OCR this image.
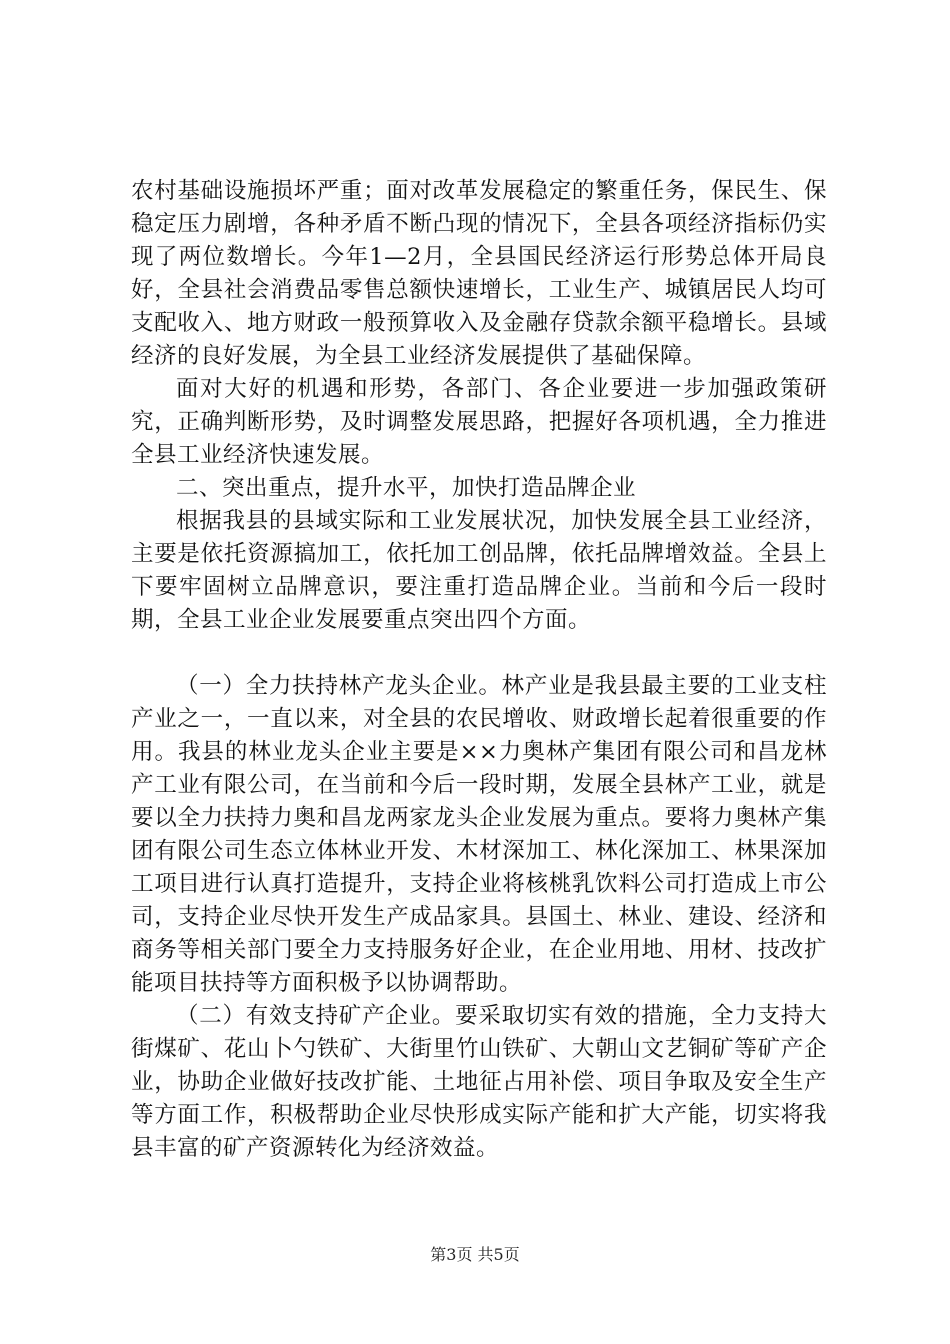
农村基础设施损坏严重；面对改革发展稳定的繁重任务，保民生、保稳定压力剧增，各种矛盾不断凸现的情况下，全县各项经济指标仍实现了两位数增长。今年1—2月，全县国民经济运行形势总体开局良好，全县社会消费品零售总额快速增长，工业生产、城镇居民人均可支配收入、地方财政一般预算收入及金融存贷款余额平稳增长。县域经济的良好发展，为全县工业经济发展提供了基础保障。

面对大好的机遇和形势，各部门、各企业要进一步加强政策研究，正确判断形势，及时调整发展思路，把握好各项机遇，全力推进全县工业经济快速发展。

二、突出重点，提升水平，加快打造品牌企业

根据我县的县域实际和工业发展状况，加快发展全县工业经济，主要是依托资源搞加工，依托加工创品牌，依托品牌增效益。全县上下要牢固树立品牌意识，要注重打造品牌企业。当前和今后一段时期，全县工业企业发展要重点突出四个方面。

（一）全力扶持林产龙头企业。林产业是我县最主要的工业支柱产业之一，一直以来，对全县的农民增收、财政增长起着很重要的作用。我县的林业龙头企业主要是××力奥林产集团有限公司和昌龙林产工业有限公司，在当前和今后一段时期，发展全县林产工业，就是要以全力扶持力奥和昌龙两家龙头企业发展为重点。要将力奥林产集团有限公司生态立体林业开发、木材深加工、林化深加工、林果深加工项目进行认真打造提升，支持企业将核桃乳饮料公司打造成上市公司，支持企业尽快开发生产成品家具。县国土、林业、建设、经济和商务等相关部门要全力支持服务好企业，在企业用地、用材、技改扩能项目扶持等方面积极予以协调帮助。

（二）有效支持矿产企业。要采取切实有效的措施，全力支持大街煤矿、花山卜勺铁矿、大街里竹山铁矿、大朝山文艺铜矿等矿产企业，协助企业做好技改扩能、土地征占用补偿、项目争取及安全生产等方面工作，积极帮助企业尽快形成实际产能和扩大产能，切实将我县丰富的矿产资源转化为经济效益。

第3页 共5页
